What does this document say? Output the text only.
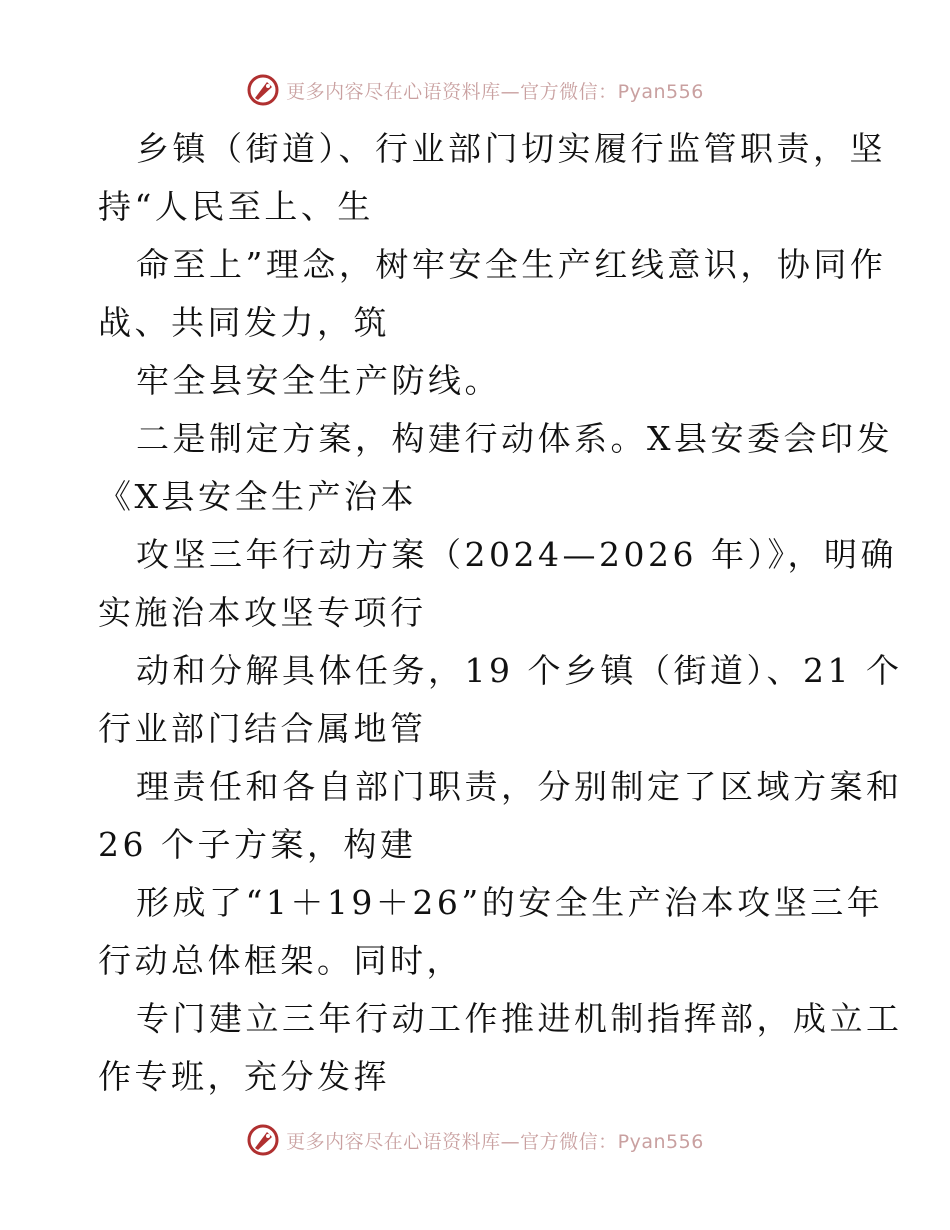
更多内容尽在心语资料库—官方微信：Pyan556
乡镇（街道）、行业部门切实履行监管职责，坚
持“人民至上、生
命至上”理念，树牢安全生产红线意识，协同作
战、共同发力，筑
牢全县安全生产防线。
二是制定方案，构建行动体系。X县安委会印发
《X县安全生产治本
攻坚三年行动方案（2024—2026 年）》，明确
实施治本攻坚专项行
动和分解具体任务，19 个乡镇（街道）、21 个
行业部门结合属地管
理责任和各自部门职责，分别制定了区域方案和
26 个子方案，构建
形成了“1＋19＋26”的安全生产治本攻坚三年
行动总体框架。同时，
专门建立三年行动工作推进机制指挥部，成立工
作专班，充分发挥
更多内容尽在心语资料库—官方微信：Pyan556
